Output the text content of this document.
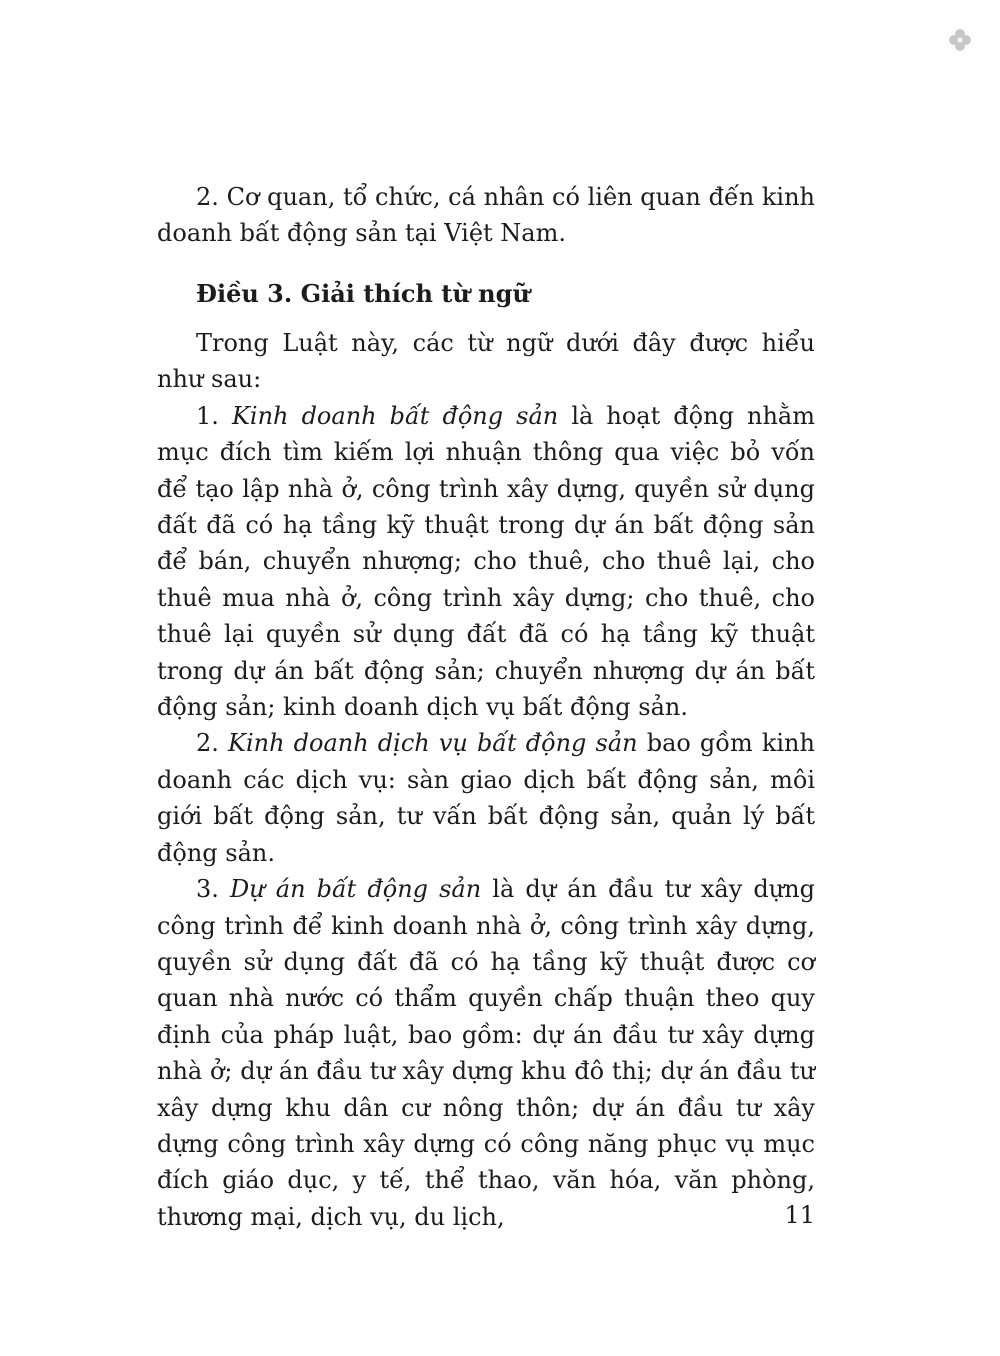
2. Cơ quan, tổ chức, cá nhân có liên quan đến kinh doanh bất động sản tại Việt Nam.

Điều 3. Giải thích từ ngữ

Trong Luật này, các từ ngữ dưới đây được hiểu như sau:

1. Kinh doanh bất động sản là hoạt động nhằm mục đích tìm kiếm lợi nhuận thông qua việc bỏ vốn để tạo lập nhà ở, công trình xây dựng, quyền sử dụng đất đã có hạ tầng kỹ thuật trong dự án bất động sản để bán, chuyển nhượng; cho thuê, cho thuê lại, cho thuê mua nhà ở, công trình xây dựng; cho thuê, cho thuê lại quyền sử dụng đất đã có hạ tầng kỹ thuật trong dự án bất động sản; chuyển nhượng dự án bất động sản; kinh doanh dịch vụ bất động sản.

2. Kinh doanh dịch vụ bất động sản bao gồm kinh doanh các dịch vụ: sàn giao dịch bất động sản, môi giới bất động sản, tư vấn bất động sản, quản lý bất động sản.

3. Dự án bất động sản là dự án đầu tư xây dựng công trình để kinh doanh nhà ở, công trình xây dựng, quyền sử dụng đất đã có hạ tầng kỹ thuật được cơ quan nhà nước có thẩm quyền chấp thuận theo quy định của pháp luật, bao gồm: dự án đầu tư xây dựng nhà ở; dự án đầu tư xây dựng khu đô thị; dự án đầu tư xây dựng khu dân cư nông thôn; dự án đầu tư xây dựng công trình xây dựng có công năng phục vụ mục đích giáo dục, y tế, thể thao, văn hóa, văn phòng, thương mại, dịch vụ, du lịch,	11
